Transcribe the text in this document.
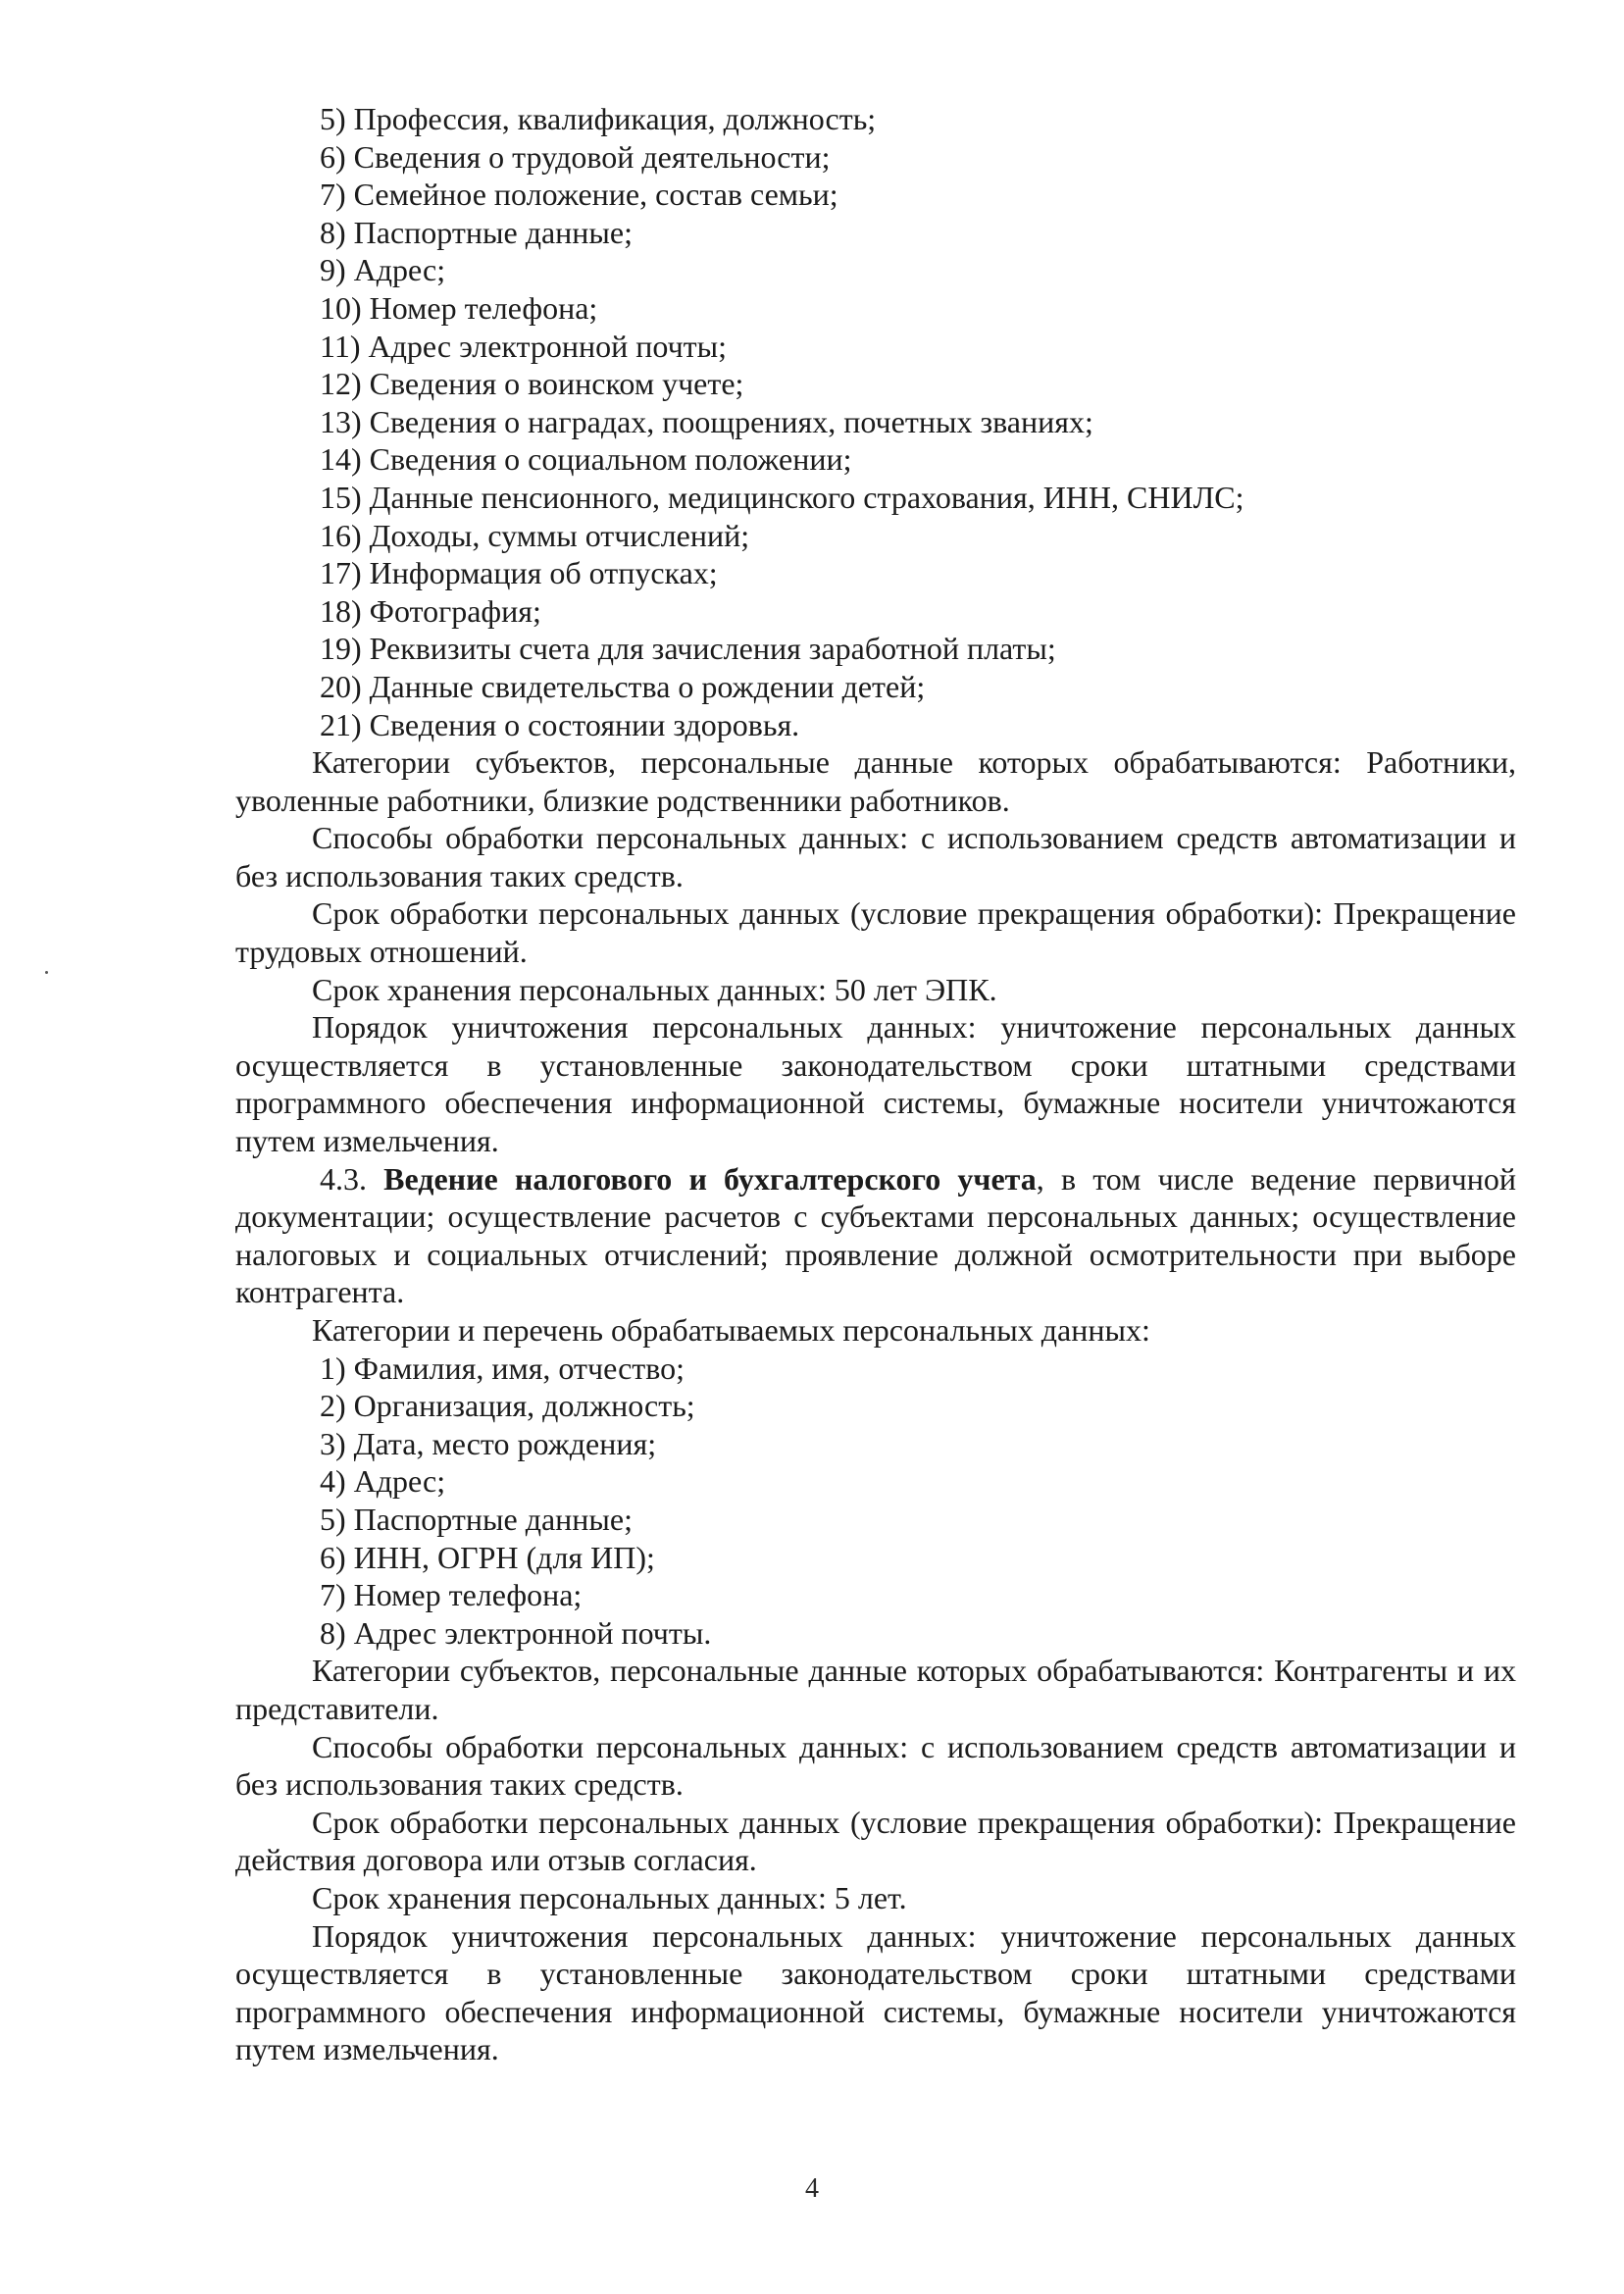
5) Профессия, квалификация, должность;
6) Сведения о трудовой деятельности;
7) Семейное положение, состав семьи;
8) Паспортные данные;
9) Адрес;
10) Номер телефона;
11) Адрес электронной почты;
12) Сведения о воинском учете;
13) Сведения о наградах, поощрениях, почетных званиях;
14) Сведения о социальном положении;
15) Данные пенсионного, медицинского страхования, ИНН, СНИЛС;
16) Доходы, суммы отчислений;
17) Информация об отпусках;
18) Фотография;
19) Реквизиты счета для зачисления заработной платы;
20) Данные свидетельства о рождении детей;
21) Сведения о состоянии здоровья.

Категории субъектов, персональные данные которых обрабатываются: Работники, уволенные работники, близкие родственники работников.

Способы обработки персональных данных: с использованием средств автоматизации и без использования таких средств.

Срок обработки персональных данных (условие прекращения обработки): Прекращение трудовых отношений.

Срок хранения персональных данных: 50 лет ЭПК.

Порядок уничтожения персональных данных: уничтожение персональных данных осуществляется в установленные законодательством сроки штатными средствами программного обеспечения информационной системы, бумажные носители уничтожаются путем измельчения.

4.3. Ведение налогового и бухгалтерского учета, в том числе ведение первичной документации; осуществление расчетов с субъектами персональных данных; осуществление налоговых и социальных отчислений; проявление должной осмотрительности при выборе контрагента.

Категории и перечень обрабатываемых персональных данных:

1) Фамилия, имя, отчество;
2) Организация, должность;
3) Дата, место рождения;
4) Адрес;
5) Паспортные данные;
6) ИНН, ОГРН (для ИП);
7) Номер телефона;
8) Адрес электронной почты.

Категории субъектов, персональные данные которых обрабатываются: Контрагенты и их представители.

Способы обработки персональных данных: с использованием средств автоматизации и без использования таких средств.

Срок обработки персональных данных (условие прекращения обработки): Прекращение действия договора или отзыв согласия.

Срок хранения персональных данных: 5 лет.

Порядок уничтожения персональных данных: уничтожение персональных данных осуществляется в установленные законодательством сроки штатными средствами программного обеспечения информационной системы, бумажные носители уничтожаются путем измельчения.

4
